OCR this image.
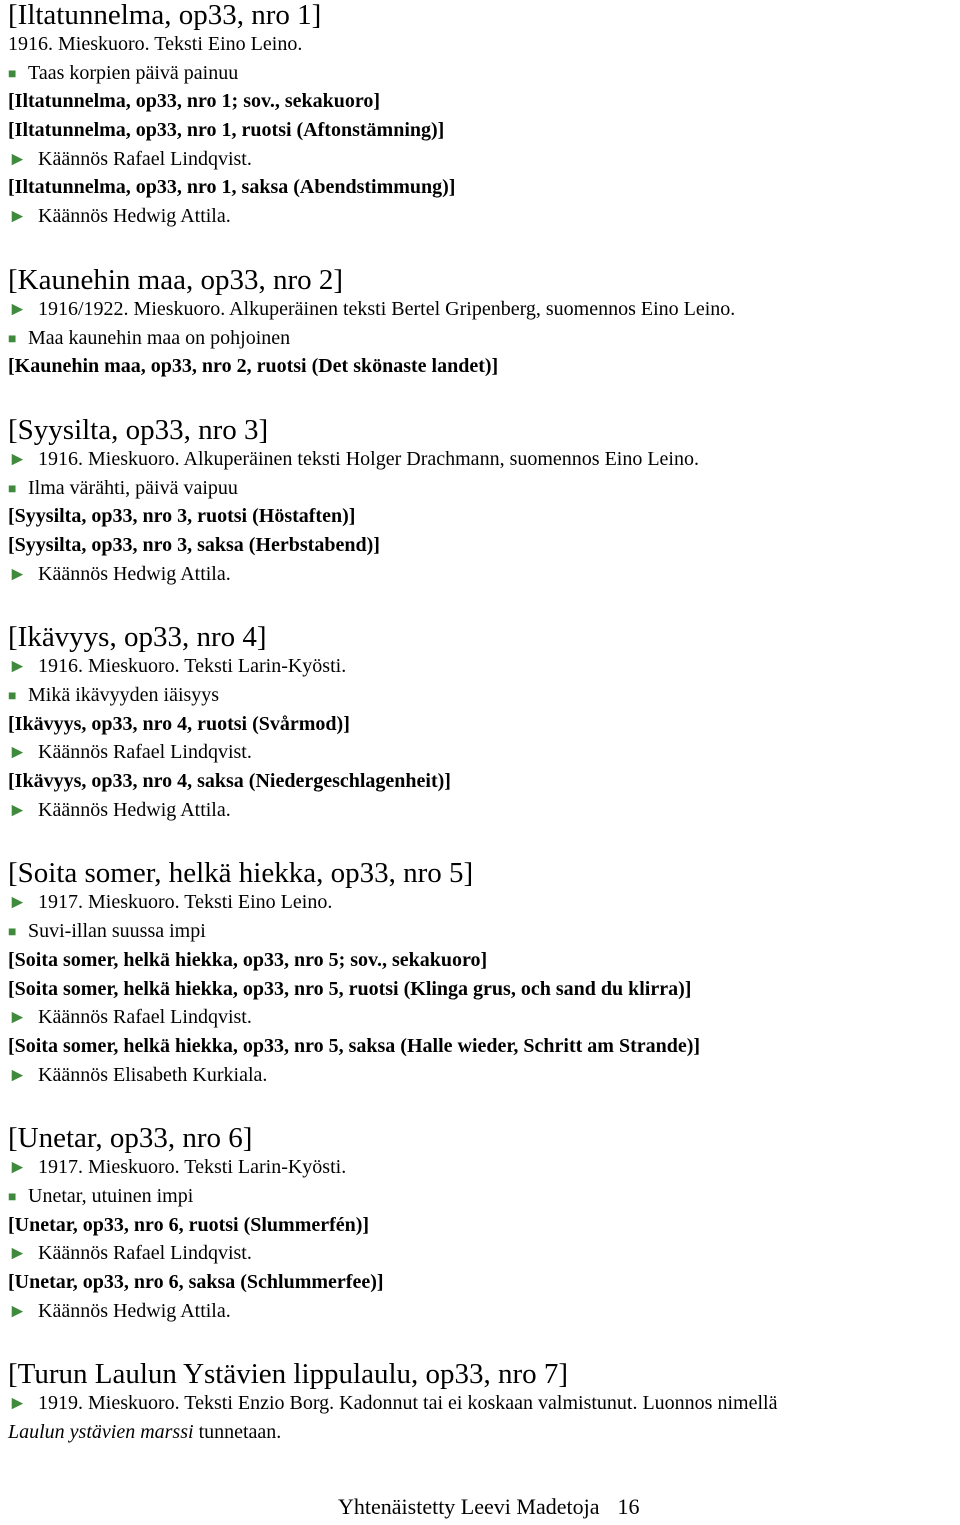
[Iltatunnelma, op33, nro 1]
1916. Mieskuoro. Teksti Eino Leino.
■ Taas korpien päivä painuu
[Iltatunnelma, op33, nro 1; sov., sekakuoro]
[Iltatunnelma, op33, nro 1, ruotsi (Aftonstämning)]
► Käännös Rafael Lindqvist.
[Iltatunnelma, op33, nro 1, saksa (Abendstimmung)]
► Käännös Hedwig Attila.
[Kaunehin maa, op33, nro 2]
► 1916/1922. Mieskuoro. Alkuperäinen teksti Bertel Gripenberg, suomennos Eino Leino.
■ Maa kaunehin maa on pohjoinen
[Kaunehin maa, op33, nro 2, ruotsi (Det skönaste landet)]
[Syysilta, op33, nro 3]
► 1916. Mieskuoro. Alkuperäinen teksti Holger Drachmann, suomennos Eino Leino.
■ Ilma värähti, päivä vaipuu
[Syysilta, op33, nro 3, ruotsi (Höstaften)]
[Syysilta, op33, nro 3, saksa (Herbstabend)]
► Käännös Hedwig Attila.
[Ikävyys, op33, nro 4]
► 1916. Mieskuoro. Teksti Larin-Kyösti.
■ Mikä ikävyyden iäisyys
[Ikävyys, op33, nro 4, ruotsi (Svårmod)]
► Käännös Rafael Lindqvist.
[Ikävyys, op33, nro 4, saksa (Niedergeschlagenheit)]
► Käännös Hedwig Attila.
[Soita somer, helkä hiekka, op33, nro 5]
► 1917. Mieskuoro. Teksti Eino Leino.
■ Suvi-illan suussa impi
[Soita somer, helkä hiekka, op33, nro 5; sov., sekakuoro]
[Soita somer, helkä hiekka, op33, nro 5, ruotsi (Klinga grus, och sand du klirra)]
► Käännös Rafael Lindqvist.
[Soita somer, helkä hiekka, op33, nro 5, saksa (Halle wieder, Schritt am Strande)]
► Käännös Elisabeth Kurkiala.
[Unetar, op33, nro 6]
► 1917. Mieskuoro. Teksti Larin-Kyösti.
■ Unetar, utuinen impi
[Unetar, op33, nro 6, ruotsi (Slummerfén)]
► Käännös Rafael Lindqvist.
[Unetar, op33, nro 6, saksa (Schlummerfee)]
► Käännös Hedwig Attila.
[Turun Laulun Ystävien lippulaulu, op33, nro 7]
► 1919. Mieskuoro. Teksti Enzio Borg. Kadonnut tai ei koskaan valmistunut. Luonnos nimellä
Laulun ystävien marssi tunnetaan.
Yhtenäistetty Leevi Madetoja 16
